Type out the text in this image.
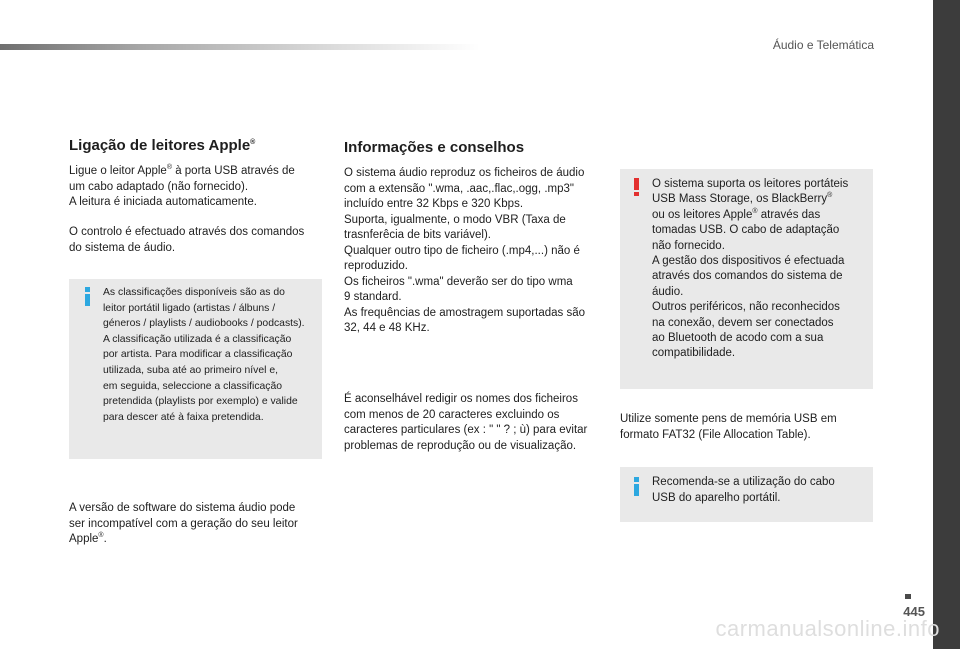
Áudio e Telemática
Ligação de leitores Apple®
Ligue o leitor Apple® à porta USB através de
um cabo adaptado (não fornecido).
A leitura é iniciada automaticamente.
O controlo é efectuado através dos comandos
do sistema de áudio.
As classificações disponíveis são as do
leitor portátil ligado (artistas / álbuns /
géneros / playlists / audiobooks / podcasts).
A classificação utilizada é a classificação
por artista. Para modificar a classificação
utilizada, suba até ao primeiro nível e,
em seguida, seleccione a classificação
pretendida (playlists por exemplo) e valide
para descer até à faixa pretendida.
A versão de software do sistema áudio pode
ser incompatível com a geração do seu leitor
Apple®.
Informações e conselhos
O sistema áudio reproduz os ficheiros de áudio
com a extensão ".wma, .aac,.flac,.ogg, .mp3"
incluído entre 32 Kbps e 320 Kbps.
Suporta, igualmente, o modo VBR (Taxa de
trasnferêcia de bits variável).
Qualquer outro tipo de ficheiro (.mp4,...) não é
reproduzido.
Os ficheiros ".wma" deverão ser do tipo wma
9 standard.
As frequências de amostragem suportadas são
32, 44 e 48 KHz.
É aconselhável redigir os nomes dos ficheiros
com menos de 20 caracteres excluindo os
caracteres particulares (ex : " " ? ; ù) para evitar
problemas de reprodução ou de visualização.
O sistema suporta os leitores portáteis
USB Mass Storage, os BlackBerry®
ou os leitores Apple® através das
tomadas USB. O cabo de adaptação
não fornecido.
A gestão dos dispositivos é efectuada
através dos comandos do sistema de
áudio.
Outros periféricos, não reconhecidos
na conexão, devem ser conectados
ao Bluetooth de acodo com a sua
compatibilidade.
Utilize somente pens de memória USB em
formato FAT32 (File Allocation Table).
Recomenda-se a utilização do cabo
USB do aparelho portátil.
445
carmanualsonline.info
